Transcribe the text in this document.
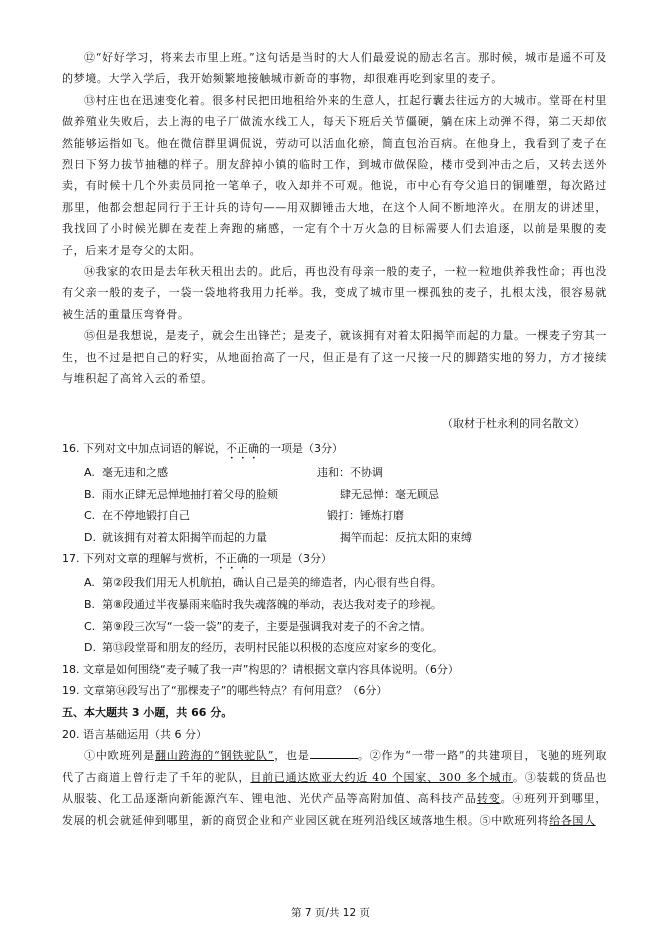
⑫“好好学习，将来去市里上班。”这句话是当时的大人们最爱说的励志名言。那时候，城市是遥不可及的梦境。大学入学后，我开始频繁地接触城市新奇的事物，却很难再吃到家里的麦子。

⑬村庄也在迅速变化着。很多村民把田地租给外来的生意人，扛起行囊去往远方的大城市。堂哥在村里做养殖业失败后，去上海的电子厂做流水线工人，每天下班后关节僵硬，躺在床上动弹不得，第二天却依然能够运指如飞。他在微信群里调侃说，劳动可以活血化瘀，简直包治百病。在他身上，我看到了麦子在烈日下努力拔节抽穗的样子。朋友辞掉小镇的临时工作，到城市做保险，楼市受到冲击之后，又转去送外卖，有时候十几个外卖员同抢一笔单子，收入却并不可观。他说，市中心有夸父追日的铜雕塑，每次路过那里，他都会想起同行于王计兵的诗句——用双脚锤击大地，在这个人间不断地淬火。在朋友的讲述里，我找回了小时候光脚在麦茬上奔跑的痛感，一定有个十万火急的目标需要人们去追逐，以前是果腹的麦子，后来才是夸父的太阳。

⑭我家的农田是去年秋天租出去的。此后，再也没有母亲一般的麦子，一粒一粒地供养我性命；再也没有父亲一般的麦子，一袋一袋地将我用力托举。我，变成了城市里一棵孤独的麦子，扎根太浅，很容易就被生活的重量压弯脊骨。

⑮但是我想说，是麦子，就会生出锋芒；是麦子，就该拥有对着太阳揭竿而起的力量。一棵麦子穷其一生，也不过是把自己的籽实，从地面抬高了一尺，但正是有了这一尺接一尺的脚踏实地的努力，方才接续与堆积起了高耸入云的希望。

（取材于杜永利的同名散文）

16. 下列对文中加点词语的解说，不正确的一项是（3分）

A. 毫无违和之感	违和：不协调
B. 雨水正肆无忌惮地抽打着父母的脸颊	肆无忌惮：毫无顾忌
C. 在不停地锻打自己	锻打：锤炼打磨
D. 就该拥有对着太阳揭竿而起的力量	揭竿而起：反抗太阳的束缚

17. 下列对文章的理解与赏析，不正确的一项是（3分）

A. 第②段我们用无人机航拍，确认自己是美的缔造者，内心很有些自得。
B. 第⑧段通过半夜暴雨来临时我失魂落魄的举动，表达我对麦子的珍视。
C. 第⑨段三次写“一袋一袋”的麦子，主要是强调我对麦子的不舍之情。
D. 第⑬段堂哥和朋友的经历，表明村民能以积极的态度应对家乡的变化。

18. 文章是如何围绕“麦子喊了我一声”构思的？请根据文章内容具体说明。（6分）

19. 文章第⑭段写出了“那棵麦子”的哪些特点？有何用意？（6分）

五、本大题共 3 小题，共 66 分。

20. 语言基础运用（共 6 分）

①中欧班列是翻山跨海的“钢铁驼队”，也是	。②作为“一带一路”的共建项目，飞驰的班列取代了古商道上曾行走了千年的驼队，目前已通达欧亚大约近 40 个国家、300 多个城市。③装载的货品也从服装、化工品逐渐向新能源汽车、锂电池、光伏产品等高附加值、高科技产品转变。④班列开到哪里，发展的机会就延伸到哪里，新的商贸企业和产业园区就在班列沿线区域落地生根。⑤中欧班列将给各国人

第 7 页/共 12 页
